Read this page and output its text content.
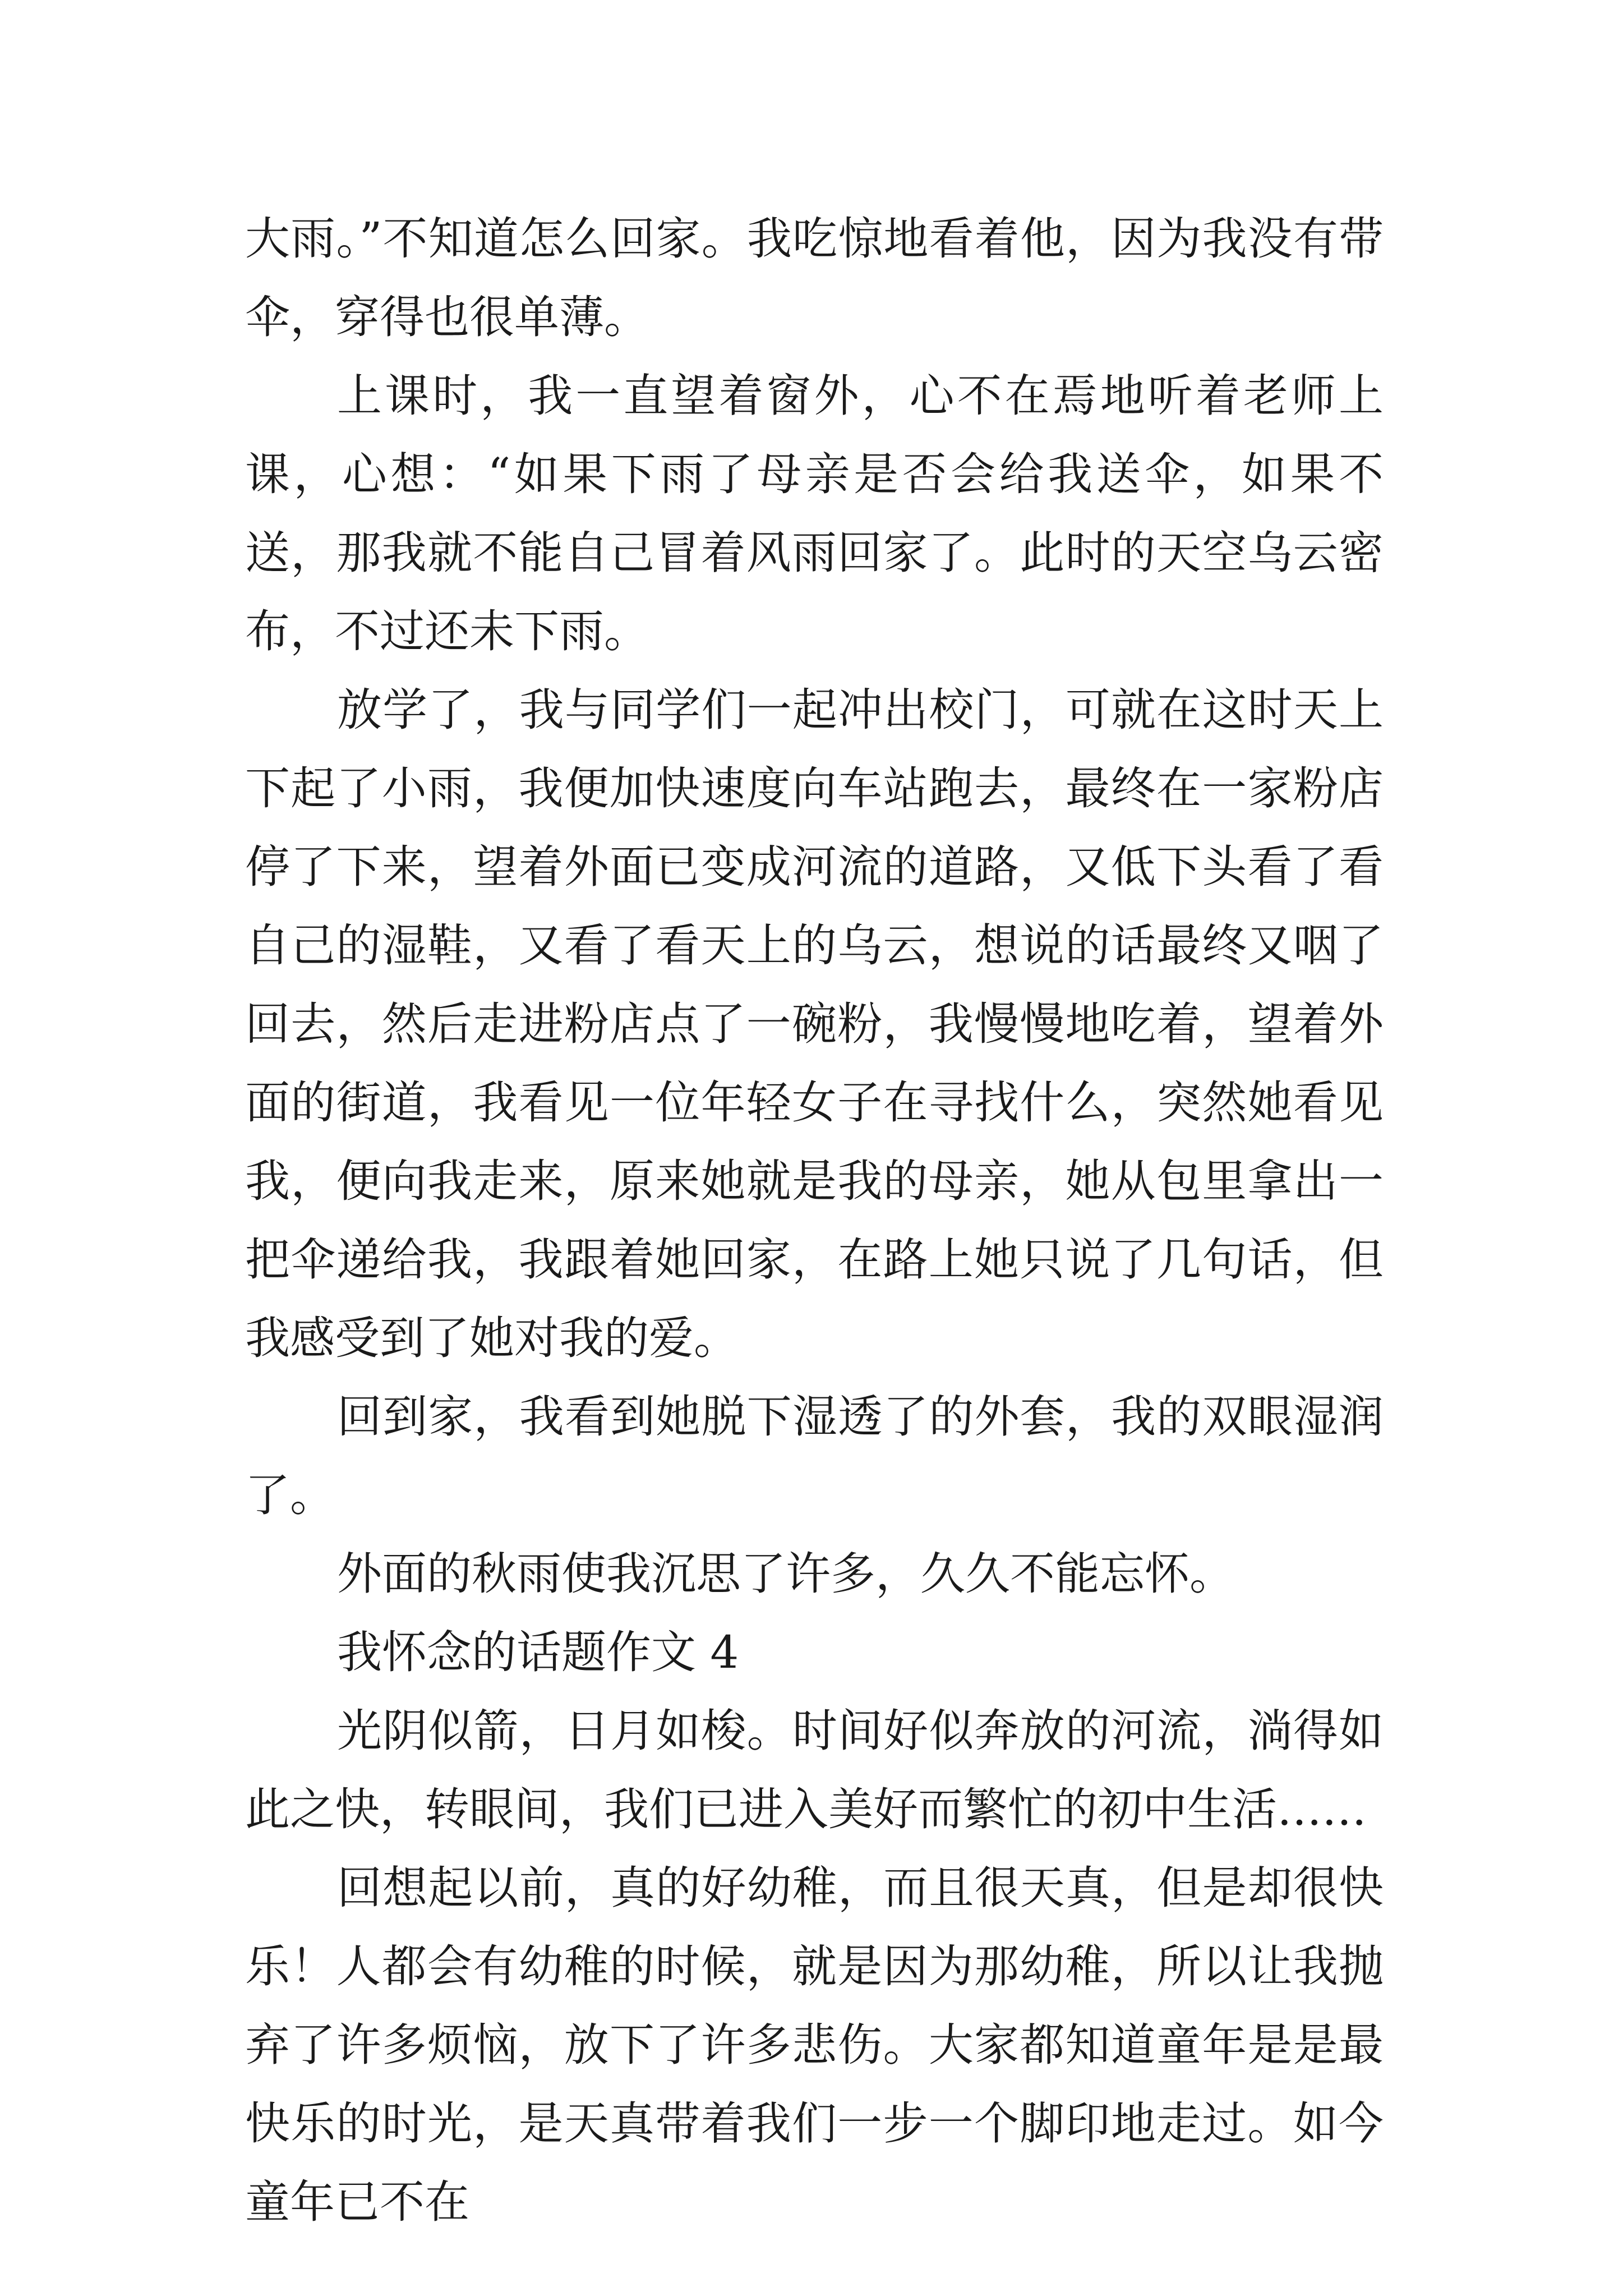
大雨。”不知道怎么回家。我吃惊地看着他，因为我没有带伞，穿得也很单薄。

上课时，我一直望着窗外，心不在焉地听着老师上课，心想：“如果下雨了母亲是否会给我送伞，如果不送，那我就不能自己冒着风雨回家了。此时的天空乌云密布，不过还未下雨。

放学了，我与同学们一起冲出校门，可就在这时天上下起了小雨，我便加快速度向车站跑去，最终在一家粉店停了下来，望着外面已变成河流的道路，又低下头看了看自己的湿鞋，又看了看天上的乌云，想说的话最终又咽了回去，然后走进粉店点了一碗粉，我慢慢地吃着，望着外面的街道，我看见一位年轻女子在寻找什么，突然她看见我，便向我走来，原来她就是我的母亲，她从包里拿出一把伞递给我，我跟着她回家，在路上她只说了几句话，但我感受到了她对我的爱。

回到家，我看到她脱下湿透了的外套，我的双眼湿润了。

外面的秋雨使我沉思了许多，久久不能忘怀。

我怀念的话题作文 4

光阴似箭，日月如梭。时间好似奔放的河流，淌得如此之快，转眼间，我们已进入美好而繁忙的初中生活……

回想起以前，真的好幼稚，而且很天真，但是却很快乐！人都会有幼稚的时候，就是因为那幼稚，所以让我抛弃了许多烦恼，放下了许多悲伤。大家都知道童年是是最快乐的时光，是天真带着我们一步一个脚印地走过。如今童年已不在
